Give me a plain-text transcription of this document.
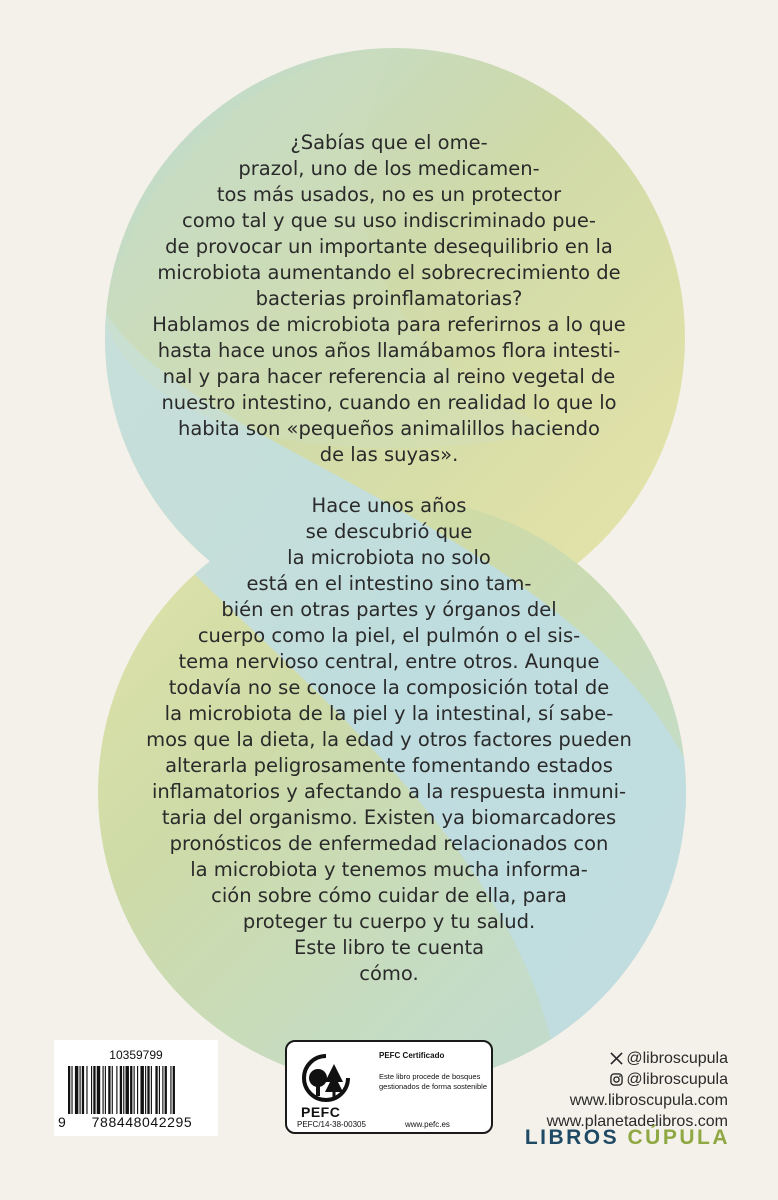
¿Sabías que el ome-
prazol, uno de los medicamen-
tos más usados, no es un protector
como tal y que su uso indiscriminado pue-
de provocar un importante desequilibrio en la
microbiota aumentando el sobrecrecimiento de
bacterias proinflamatorias?
Hablamos de microbiota para referirnos a lo que
hasta hace unos años llamábamos flora intesti-
nal y para hacer referencia al reino vegetal de
nuestro intestino, cuando en realidad lo que lo
habita son «pequeños animalillos haciendo
de las suyas».
Hace unos años
se descubrió que
la microbiota no solo
está en el intestino sino tam-
bién en otras partes y órganos del
cuerpo como la piel, el pulmón o el sis-
tema nervioso central, entre otros. Aunque
todavía no se conoce la composición total de
la microbiota de la piel y la intestinal, sí sabe-
mos que la dieta, la edad y otros factores pueden
alterarla peligrosamente fomentando estados
inflamatorios y afectando a la respuesta inmuni-
taria del organismo. Existen ya biomarcadores
pronósticos de enfermedad relacionados con
la microbiota y tenemos mucha informa-
ción sobre cómo cuidar de ella, para
proteger tu cuerpo y tu salud.
Este libro te cuenta
cómo.
10359799
9	788448042295
PEFC
PEFC/14-38-00305
PEFC Certificado
Este libro procede de bosques gestionados de forma sostenible
www.pefc.es
@libroscupula
@libroscupula
www.libroscupula.com
www.planetadelibros.com
LIBROS CÚPULA
